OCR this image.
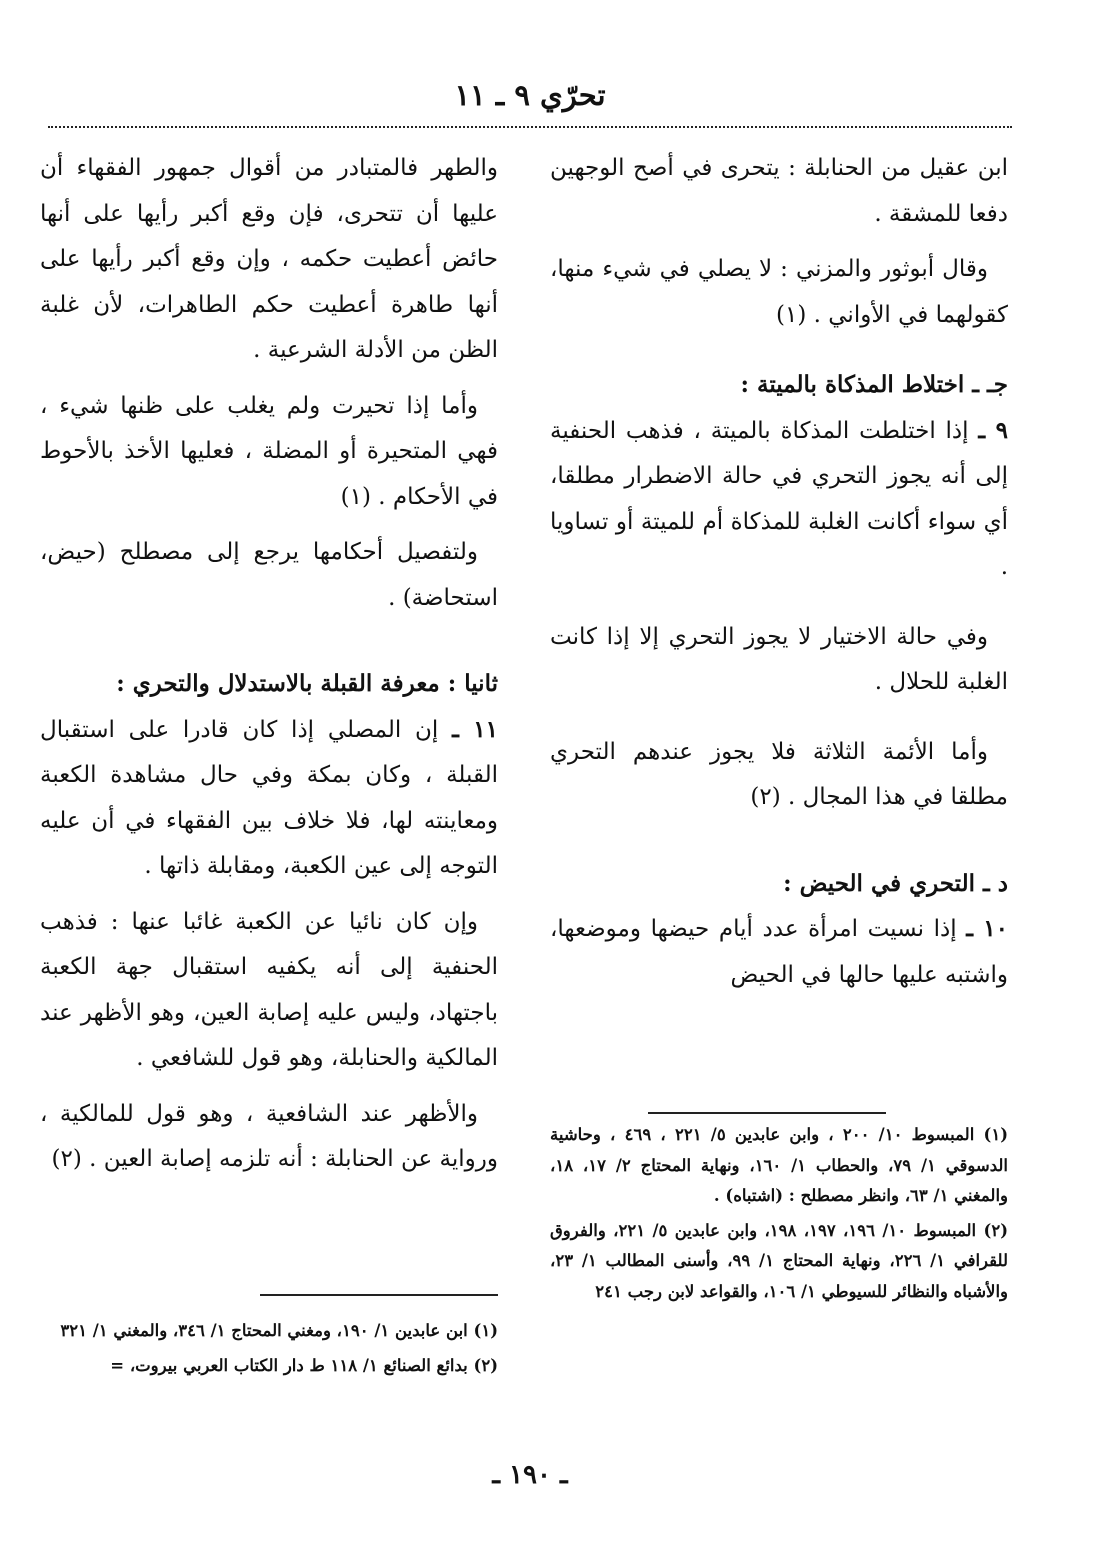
تحرّي ٩ ـ ١١

ابن عقيل من الحنابلة : يتحرى في أصح الوجهين دفعا للمشقة .

وقال أبوثور والمزني : لا يصلي في شيء منها، كقولهما في الأواني . (١)

جـ ـ اختلاط المذكاة بالميتة :

٩ ـ إذا اختلطت المذكاة بالميتة ، فذهب الحنفية إلى أنه يجوز التحري في حالة الاضطرار مطلقا، أي سواء أكانت الغلبة للمذكاة أم للميتة أو تساويا .

وفي حالة الاختيار لا يجوز التحري إلا إذا كانت الغلبة للحلال .

وأما الأئمة الثلاثة فلا يجوز عندهم التحري مطلقا في هذا المجال . (٢)

د ـ التحري في الحيض :

١٠ ـ إذا نسيت امرأة عدد أيام حيضها وموضعها، واشتبه عليها حالها في الحيض

والطهر فالمتبادر من أقوال جمهور الفقهاء أن عليها أن تتحرى، فإن وقع أكبر رأيها على أنها حائض أعطيت حكمه ، وإن وقع أكبر رأيها على أنها طاهرة أعطيت حكم الطاهرات، لأن غلبة الظن من الأدلة الشرعية .

وأما إذا تحيرت ولم يغلب على ظنها شيء ، فهي المتحيرة أو المضلة ، فعليها الأخذ بالأحوط في الأحكام . (١)

ولتفصيل أحكامها يرجع إلى مصطلح (حيض، استحاضة) .

ثانيا : معرفة القبلة بالاستدلال والتحري :

١١ ـ إن المصلي إذا كان قادرا على استقبال القبلة ، وكان بمكة وفي حال مشاهدة الكعبة ومعاينته لها، فلا خلاف بين الفقهاء في أن عليه التوجه إلى عين الكعبة، ومقابلة ذاتها .

وإن كان نائيا عن الكعبة غائبا عنها : فذهب الحنفية إلى أنه يكفيه استقبال جهة الكعبة باجتهاد، وليس عليه إصابة العين، وهو الأظهر عند المالكية والحنابلة، وهو قول للشافعي .

والأظهر عند الشافعية ، وهو قول للمالكية ، ورواية عن الحنابلة : أنه تلزمه إصابة العين . (٢)

(١) المبسوط ١٠/ ٢٠٠ ، وابن عابدين ٥/ ٢٢١ ، ٤٦٩ ، وحاشية الدسوقي ١/ ٧٩، والحطاب ١/ ١٦٠، ونهاية المحتاج ٢/ ١٧، ١٨، والمغني ١/ ٦٣، وانظر مصطلح : (اشتباه) .

(٢) المبسوط ١٠/ ١٩٦، ١٩٧، ١٩٨، وابن عابدين ٥/ ٢٢١، والفروق للقرافي ١/ ٢٢٦، ونهاية المحتاج ١/ ٩٩، وأسنى المطالب ١/ ٢٣، والأشباه والنظائر للسيوطي ١/ ١٠٦، والقواعد لابن رجب ٢٤١

(١) ابن عابدين ١/ ١٩٠، ومغني المحتاج ١/ ٣٤٦، والمغني ١/ ٣٢١

(٢) بدائع الصنائع ١/ ١١٨ ط دار الكتاب العربي بيروت، =

ـ ١٩٠ ـ
